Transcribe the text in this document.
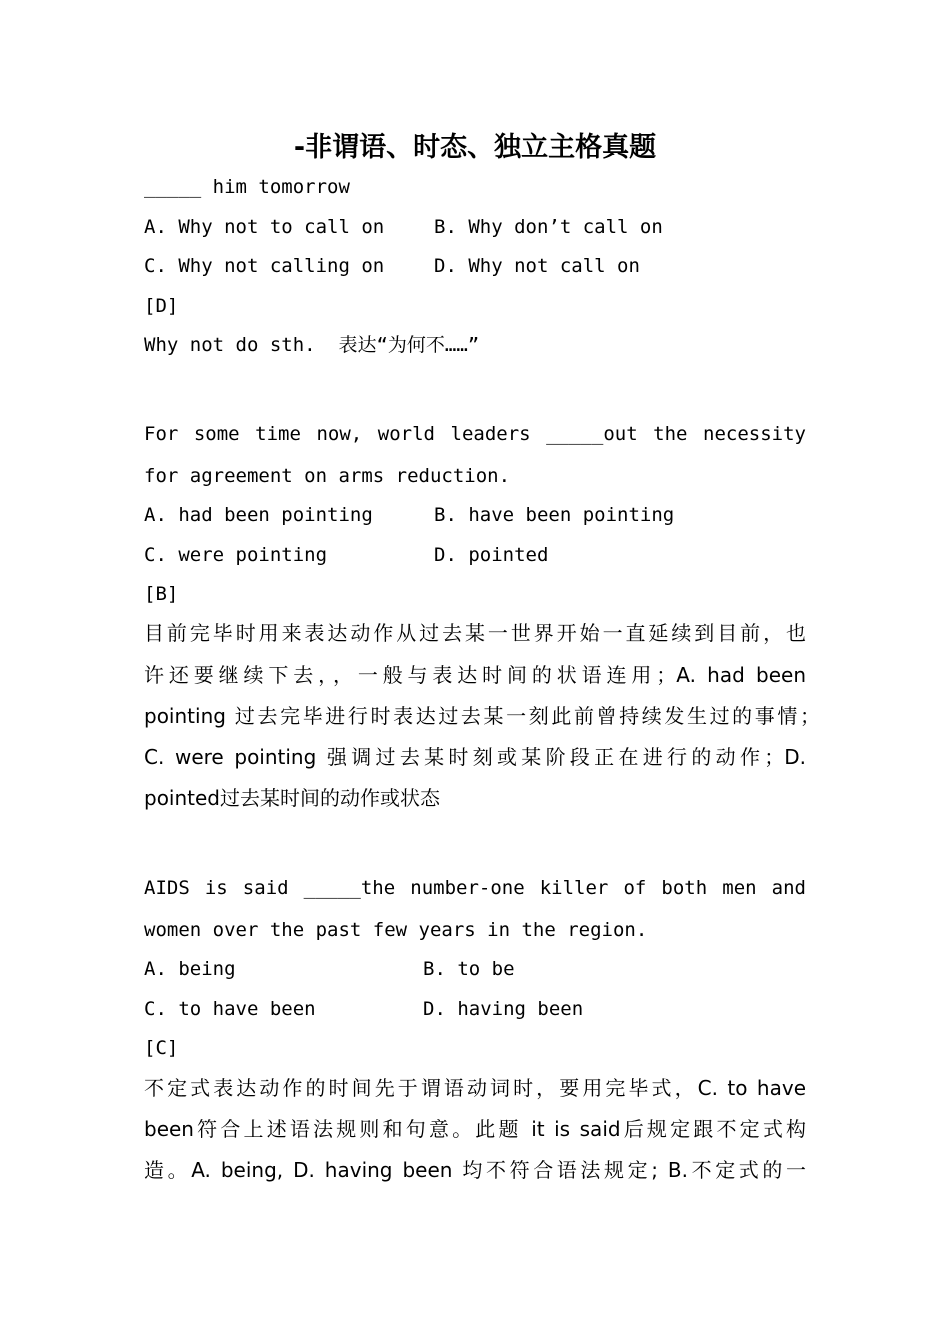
-非谓语、时态、独立主格真题
_____ him tomorrow
A. Why not to call on	B. Why don’t call on
C. Why not calling on	D. Why not call on
[D]
Why not do sth.  表达“为何不……”
For some time now, world leaders _____out the necessity
for agreement on arms reduction.
A. had been pointing	B. have been pointing
C. were pointing	D. pointed
[B]
目前完毕时用来表达动作从过去某一世界开始一直延续到目前，也
许还要继续下去，，一般与表达时间的状语连用；A. had been
pointing 过去完毕进行时表达过去某一刻此前曾持续发生过的事情；
C. were pointing 强调过去某时刻或某阶段正在进行的动作；D.
pointed过去某时间的动作或状态
AIDS is said _____the number-one killer of both men and
women over the past few years in the region.
A. being	B. to be
C. to have been	D. having been
[C]
不定式表达动作的时间先于谓语动词时，要用完毕式，C. to have
been符合上述语法规则和句意。此题 it is said后规定跟不定式构
造。A. being, D. having been 均不符合语法规定; B.不定式的一
